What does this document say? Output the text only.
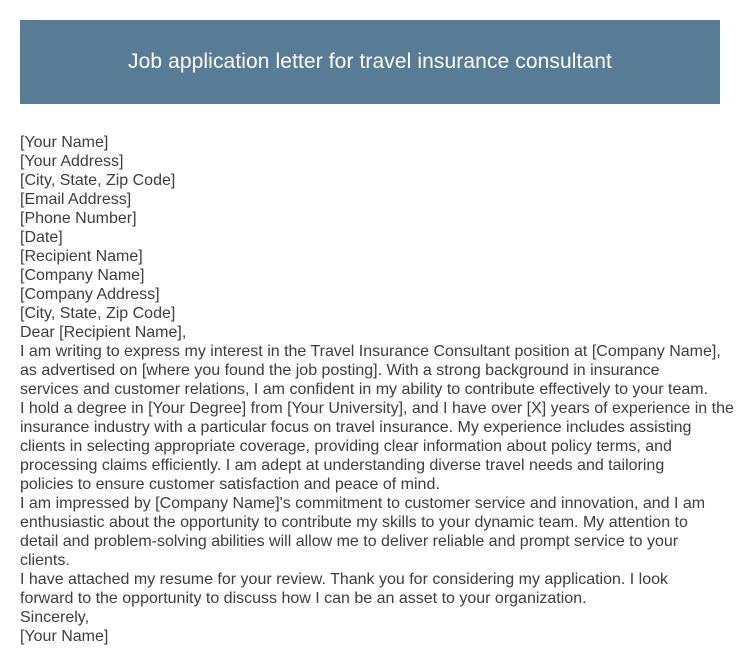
Job application letter for travel insurance consultant
[Your Name]
[Your Address]
[City, State, Zip Code]
[Email Address]
[Phone Number]
[Date]
[Recipient Name]
[Company Name]
[Company Address]
[City, State, Zip Code]
Dear [Recipient Name],
I am writing to express my interest in the Travel Insurance Consultant position at [Company Name],
as advertised on [where you found the job posting]. With a strong background in insurance
services and customer relations, I am confident in my ability to contribute effectively to your team.
I hold a degree in [Your Degree] from [Your University], and I have over [X] years of experience in the
insurance industry with a particular focus on travel insurance. My experience includes assisting
clients in selecting appropriate coverage, providing clear information about policy terms, and
processing claims efficiently. I am adept at understanding diverse travel needs and tailoring
policies to ensure customer satisfaction and peace of mind.
I am impressed by [Company Name]'s commitment to customer service and innovation, and I am
enthusiastic about the opportunity to contribute my skills to your dynamic team. My attention to
detail and problem-solving abilities will allow me to deliver reliable and prompt service to your
clients.
I have attached my resume for your review. Thank you for considering my application. I look
forward to the opportunity to discuss how I can be an asset to your organization.
Sincerely,
[Your Name]
